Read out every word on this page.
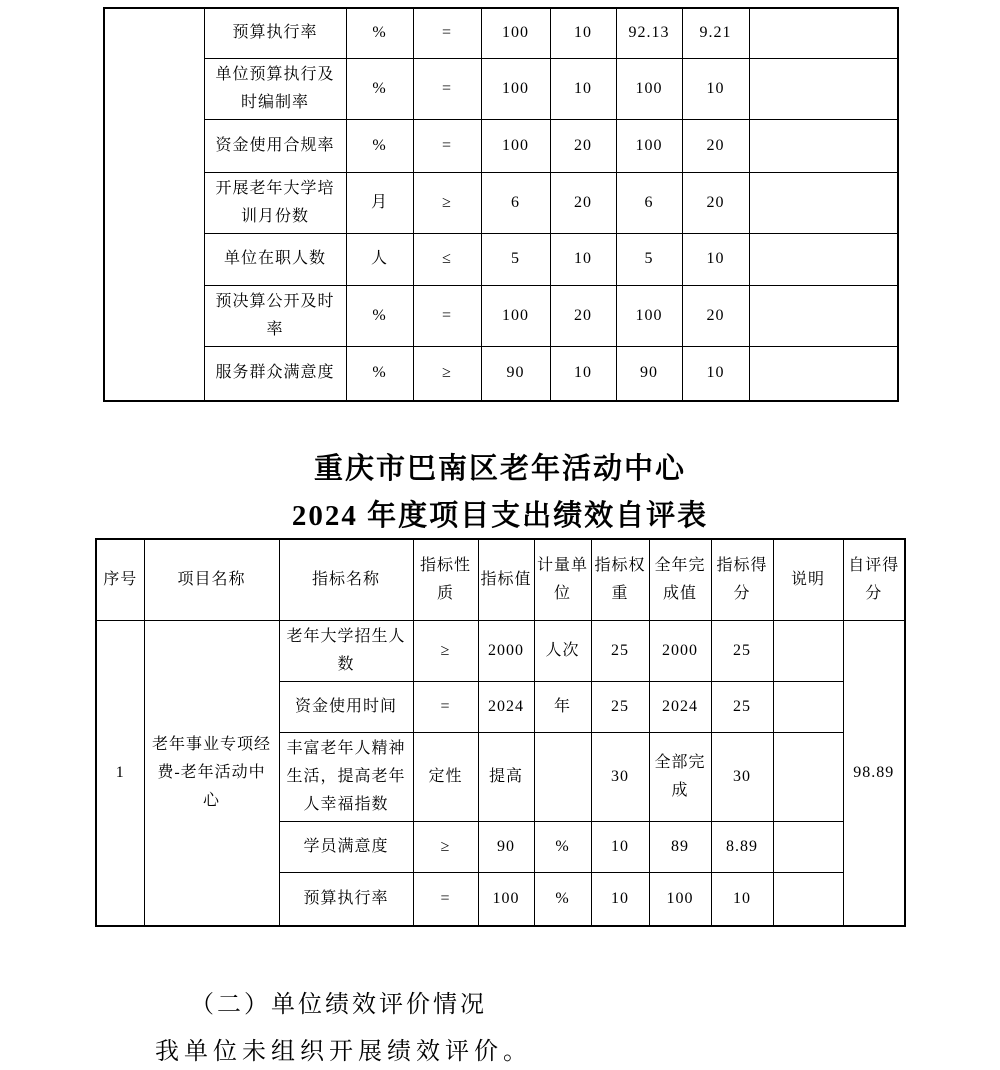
	预算执行率	%	=	100	10	92.13	9.21	
	单位预算执行及时编制率	%	=	100	10	100	10	
	资金使用合规率	%	=	100	20	100	20	
	开展老年大学培训月份数	月	≥	6	20	6	20	
	单位在职人数	人	≤	5	10	5	10	
	预决算公开及时率	%	=	100	20	100	20	
	服务群众满意度	%	≥	90	10	90	10	
重庆市巴南区老年活动中心
2024 年度项目支出绩效自评表
序号	项目名称	指标名称	指标性质	指标值	计量单位	指标权重	全年完成值	指标得分	说明	自评得分
1	老年事业专项经费-老年活动中心	老年大学招生人数	≥	2000	人次	25	2000	25		98.89
		资金使用时间	=	2024	年	25	2024	25		
		丰富老年人精神生活，提高老年人幸福指数	定性	提高		30	全部完成	30		
		学员满意度	≥	90	%	10	89	8.89		
		预算执行率	=	100	%	10	100	10		
（二）单位绩效评价情况
我单位未组织开展绩效评价。
